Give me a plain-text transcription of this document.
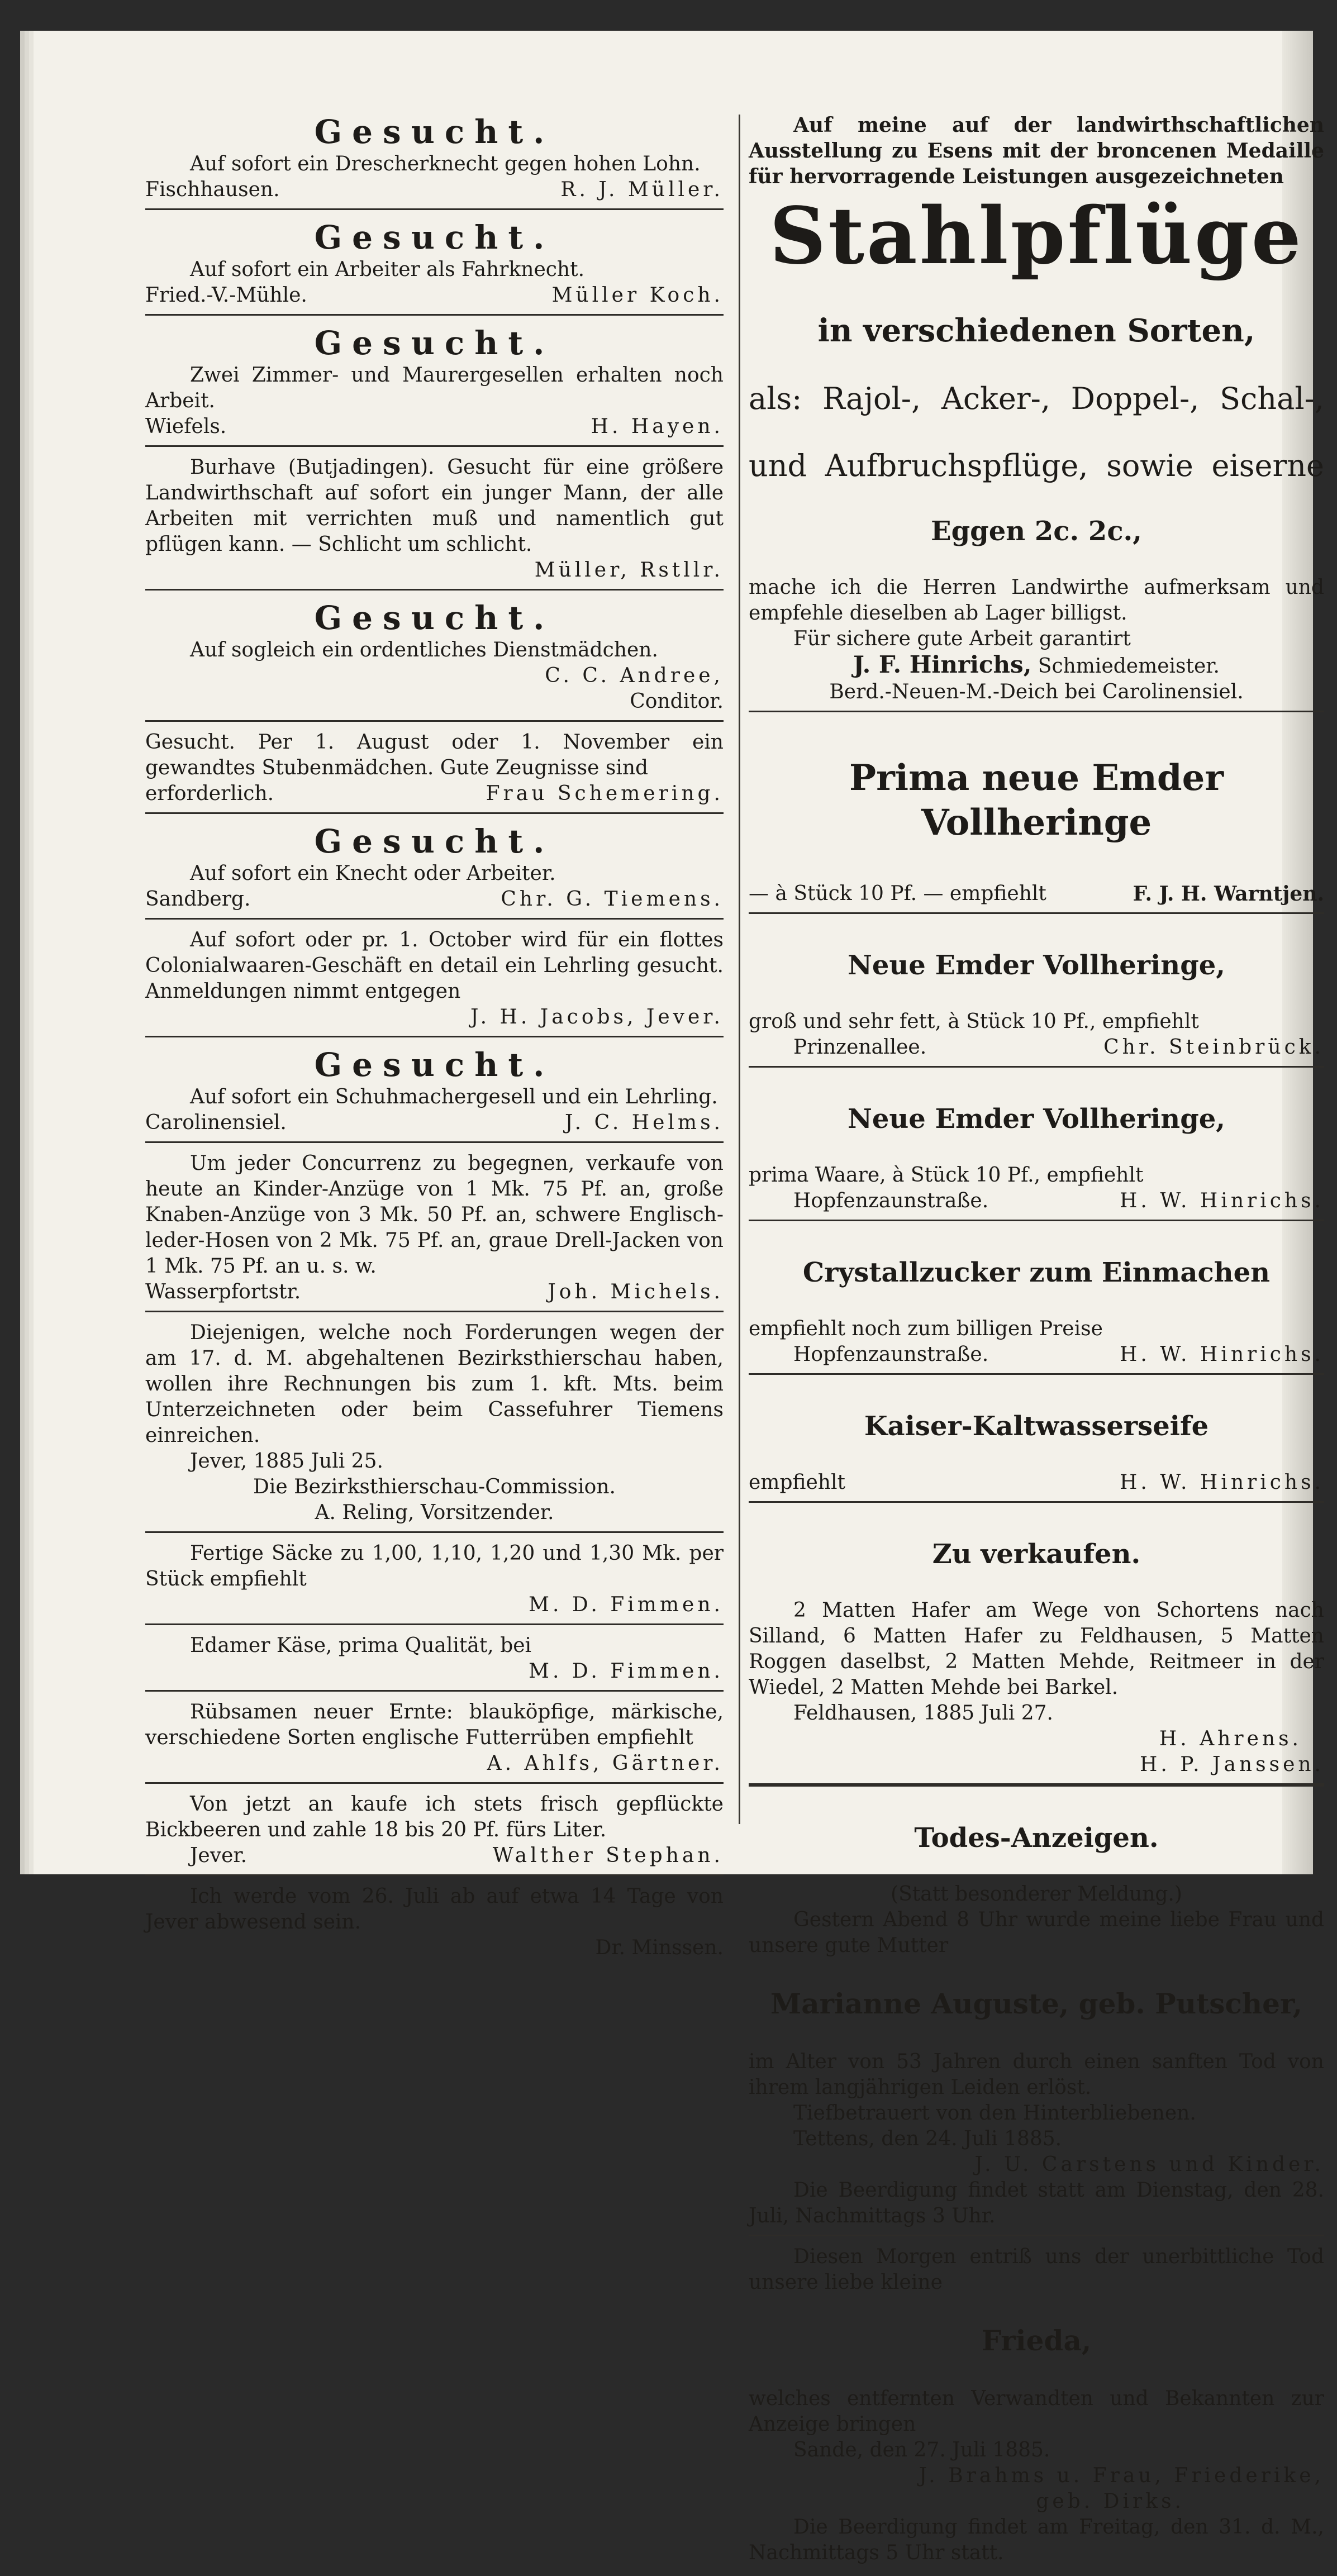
Gesucht.

Auf sofort ein Drescherknecht gegen hohen Lohn.

Fischhausen.	R. J. Müller.

Gesucht.

Auf sofort ein Arbeiter als Fahrknecht.

Fried.-V.-Mühle.	Müller Koch.

Gesucht.

Zwei Zimmer- und Maurergesellen erhalten noch Arbeit.

Wiefels.	H. Hayen.

Burhave (Butjadingen). Gesucht für eine größere Landwirthschaft auf sofort ein junger Mann, der alle Arbeiten mit verrichten muß und namentlich gut pflügen kann. — Schlicht um schlicht.

Müller, Rstllr.

Gesucht.

Auf sogleich ein ordentliches Dienstmädchen.

C. C. Andree,
Conditor.

Gesucht. Per 1. August oder 1. November ein gewandtes Stubenmädchen. Gute Zeugnisse sind

erforderlich.	Frau Schemering.

Gesucht.

Auf sofort ein Knecht oder Arbeiter.

Sandberg.	Chr. G. Tiemens.

Auf sofort oder pr. 1. October wird für ein flottes Colonialwaaren-Geschäft en detail ein Lehrling gesucht. Anmeldungen nimmt entgegen

J. H. Jacobs, Jever.

Gesucht.

Auf sofort ein Schuhmachergesell und ein Lehrling.

Carolinensiel.	J. C. Helms.

Um jeder Concurrenz zu begegnen, verkaufe von heute an Kinder-Anzüge von 1 Mk. 75 Pf. an, große Knaben-Anzüge von 3 Mk. 50 Pf. an, schwere Englisch-leder-Hosen von 2 Mk. 75 Pf. an, graue Drell-Jacken von 1 Mk. 75 Pf. an u. s. w.

Wasserpfortstr.	Joh. Michels.

Diejenigen, welche noch Forderungen wegen der am 17. d. M. abgehaltenen Bezirksthierschau haben, wollen ihre Rechnungen bis zum 1. kft. Mts. beim Unterzeichneten oder beim Cassefuhrer Tiemens einreichen.

Jever, 1885 Juli 25.

Die Bezirksthierschau-Commission.
A. Reling, Vorsitzender.

Fertige Säcke zu 1,00, 1,10, 1,20 und 1,30 Mk. per Stück empfiehlt

M. D. Fimmen.

Edamer Käse, prima Qualität, bei

M. D. Fimmen.

Rübsamen neuer Ernte: blauköpfige, märkische, verschiedene Sorten englische Futterrüben empfiehlt

A. Ahlfs, Gärtner.

Von jetzt an kaufe ich stets frisch gepflückte Bickbeeren und zahle 18 bis 20 Pf. fürs Liter.

Jever.	Walther Stephan.

Ich werde vom 26. Juli ab auf etwa 14 Tage von Jever abwesend sein.

Dr. Minssen.

Auf meine auf der landwirthschaftlichen Ausstellung zu Esens mit der broncenen Medaille für hervorragende Leistungen ausgezeichneten

Stahlpflüge

in verschiedenen Sorten,

als: Rajol-, Acker-, Doppel-, Schal-,

und Aufbruchspflüge, sowie eiserne

Eggen 2c. 2c.,

mache ich die Herren Landwirthe aufmerksam und empfehle dieselben ab Lager billigst.

Für sichere gute Arbeit garantirt

J. F. Hinrichs, Schmiedemeister.
Berd.-Neuen-M.-Deich bei Carolinensiel.

Prima neue Emder Vollheringe

— à Stück 10 Pf. — empfiehlt	F. J. H. Warntjen.

Neue Emder Vollheringe,

groß und sehr fett, à Stück 10 Pf., empfiehlt

Prinzenallee.	Chr. Steinbrück.

Neue Emder Vollheringe,

prima Waare, à Stück 10 Pf., empfiehlt

Hopfenzaunstraße.	H. W. Hinrichs.

Crystallzucker zum Einmachen

empfiehlt noch zum billigen Preise

Hopfenzaunstraße.	H. W. Hinrichs.

Kaiser-Kaltwasserseife

empfiehlt	H. W. Hinrichs.

Zu verkaufen.

2 Matten Hafer am Wege von Schortens nach Silland, 6 Matten Hafer zu Feldhausen, 5 Matten Roggen daselbst, 2 Matten Mehde, Reitmeer in der Wiedel, 2 Matten Mehde bei Barkel.

Feldhausen, 1885 Juli 27.

H. Ahrens.
H. P. Janssen.

Todes-Anzeigen.

(Statt besonderer Meldung.)

Gestern Abend 8 Uhr wurde meine liebe Frau und unsere gute Mutter

Marianne Auguste, geb. Putscher,

im Alter von 53 Jahren durch einen sanften Tod von ihrem langjährigen Leiden erlöst.

Tiefbetrauert von den Hinterbliebenen.

Tettens, den 24. Juli 1885.

J. U. Carstens und Kinder.

Die Beerdigung findet statt am Dienstag, den 28. Juli, Nachmittags 3 Uhr.

Diesen Morgen entriß uns der unerbittliche Tod unsere liebe kleine

Frieda,

welches entfernten Verwandten und Bekannten zur Anzeige bringen

Sande, den 27. Juli 1885.

J. Brahms u. Frau, Friederike,
geb. Dirks.

Die Beerdigung findet am Freitag, den 31. d. M., Nachmittags 5 Uhr statt.
